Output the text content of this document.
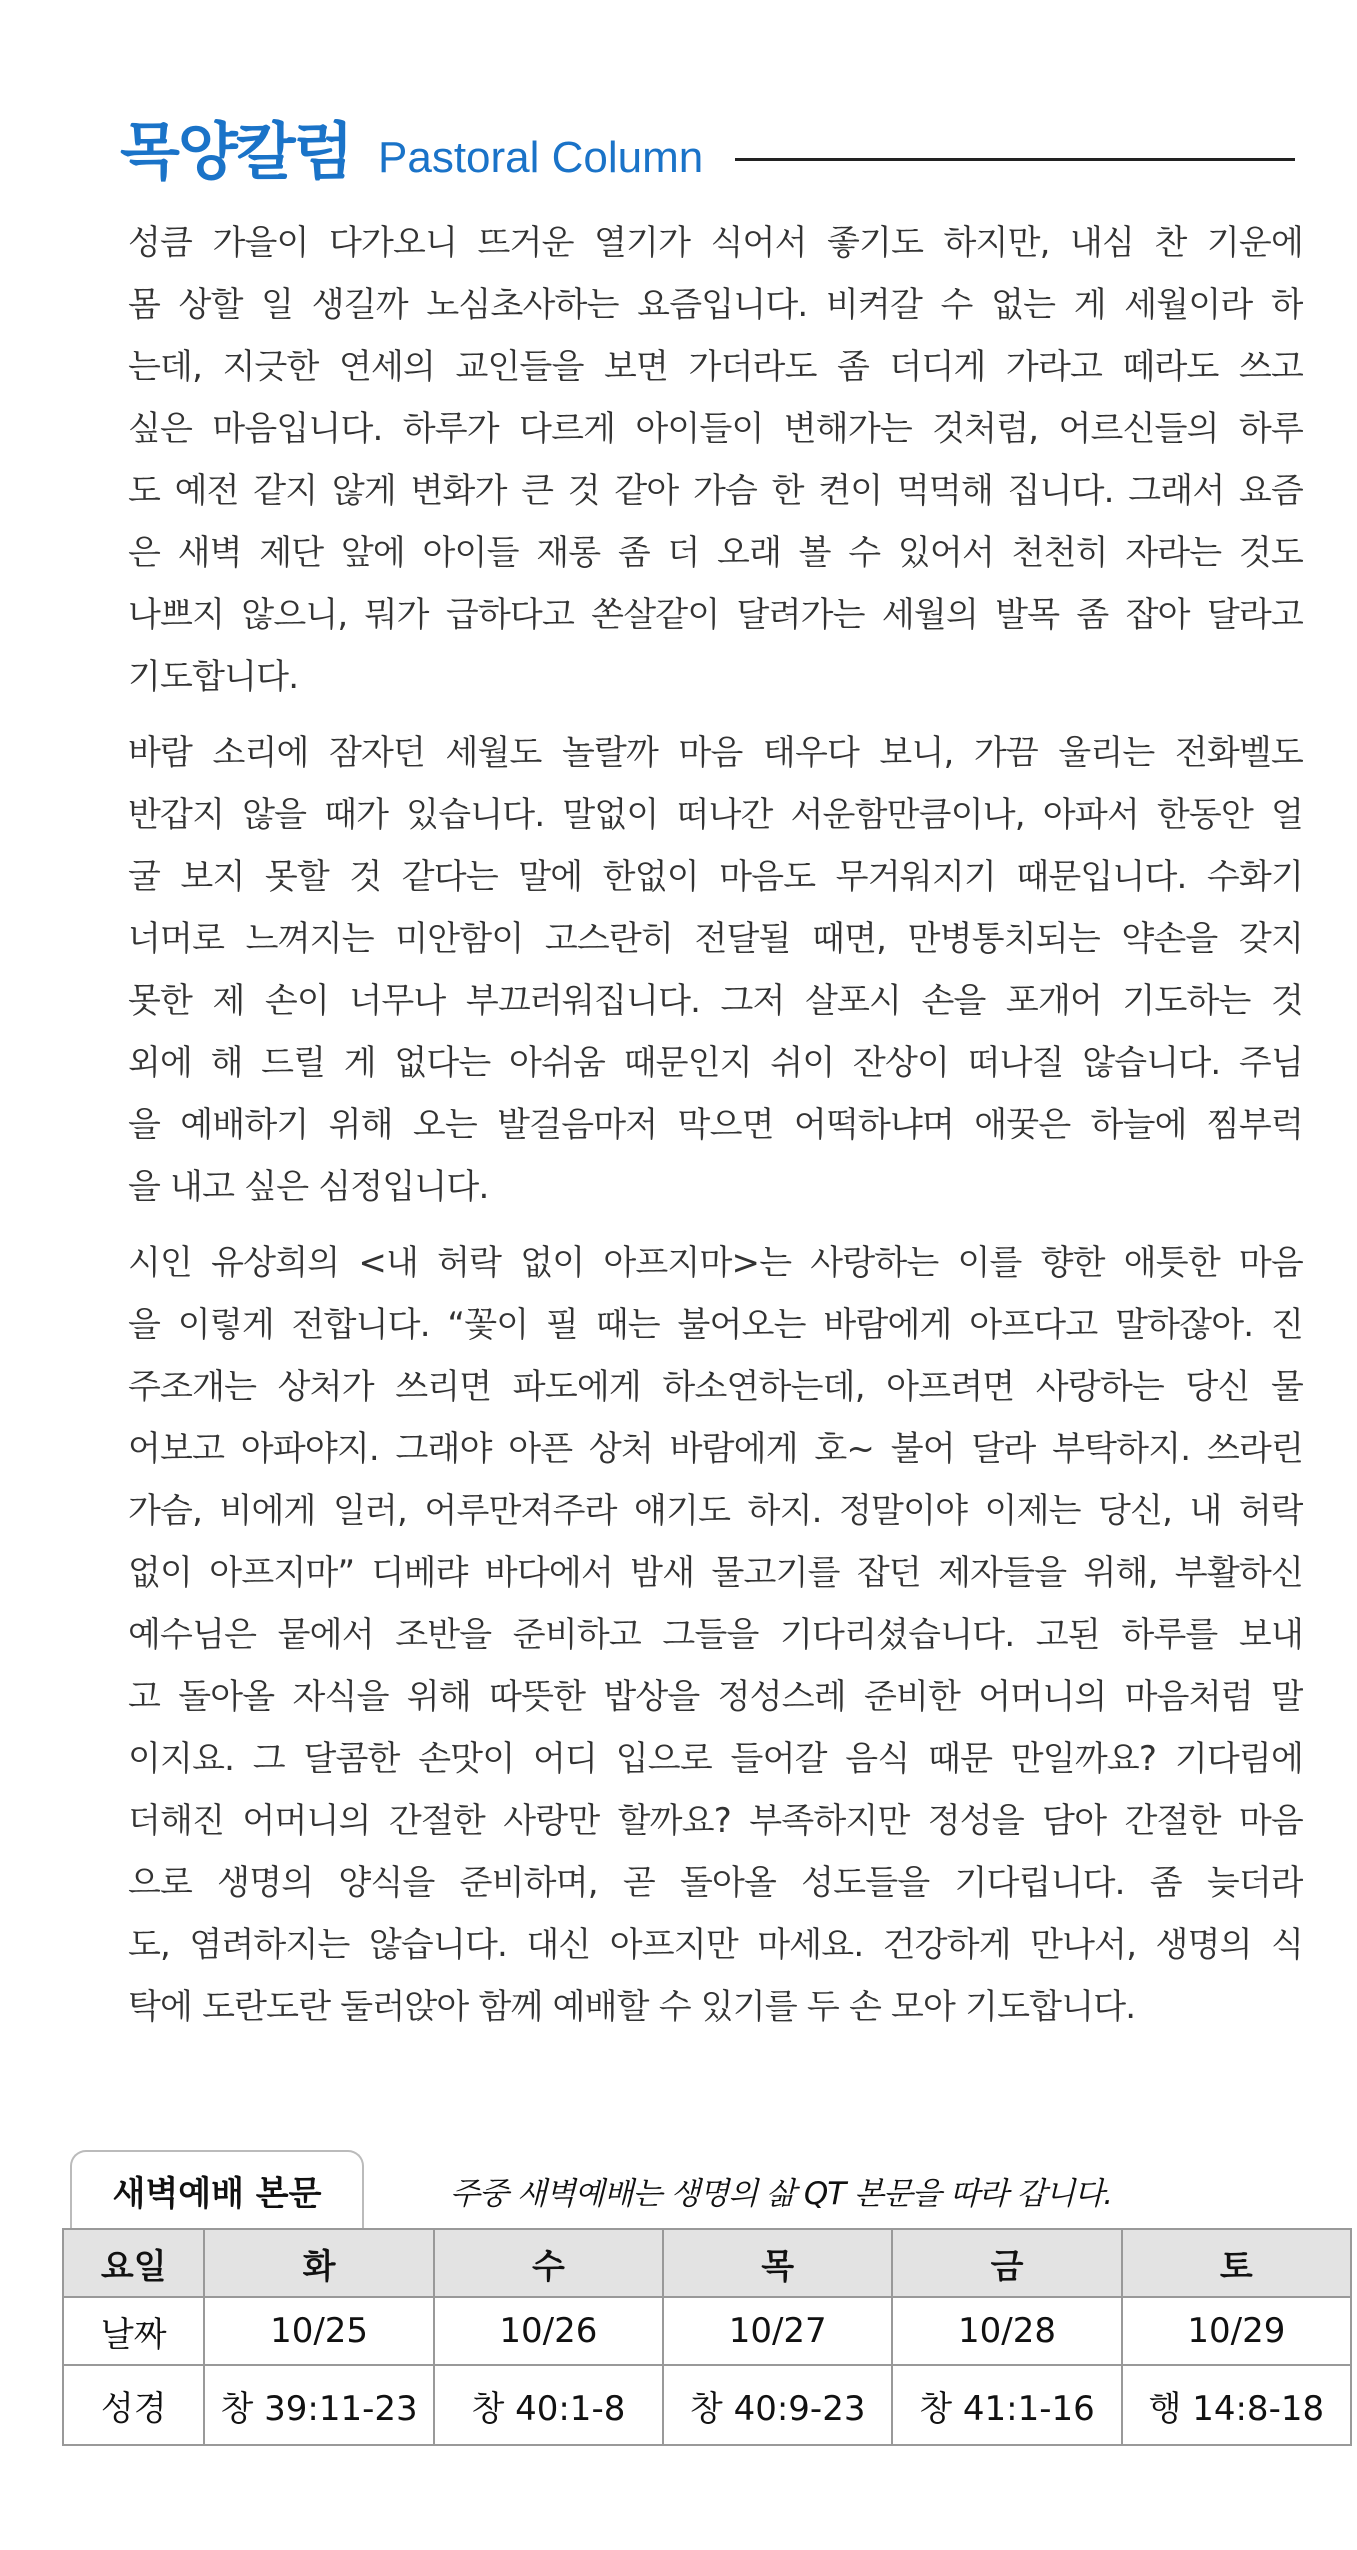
목양칼럼 Pastoral Column
성큼 가을이 다가오니 뜨거운 열기가 식어서 좋기도 하지만, 내심 찬 기운에
몸 상할 일 생길까 노심초사하는 요즘입니다. 비켜갈 수 없는 게 세월이라 하
는데, 지긋한 연세의 교인들을 보면 가더라도 좀 더디게 가라고 떼라도 쓰고
싶은 마음입니다. 하루가 다르게 아이들이 변해가는 것처럼, 어르신들의 하루
도 예전 같지 않게 변화가 큰 것 같아 가슴 한 켠이 먹먹해 집니다. 그래서 요즘
은 새벽 제단 앞에 아이들 재롱 좀 더 오래 볼 수 있어서 천천히 자라는 것도
나쁘지 않으니, 뭐가 급하다고 쏜살같이 달려가는 세월의 발목 좀 잡아 달라고
기도합니다.
바람 소리에 잠자던 세월도 놀랄까 마음 태우다 보니, 가끔 울리는 전화벨도
반갑지 않을 때가 있습니다. 말없이 떠나간 서운함만큼이나, 아파서 한동안 얼
굴 보지 못할 것 같다는 말에 한없이 마음도 무거워지기 때문입니다. 수화기
너머로 느껴지는 미안함이 고스란히 전달될 때면, 만병통치되는 약손을 갖지
못한 제 손이 너무나 부끄러워집니다. 그저 살포시 손을 포개어 기도하는 것
외에 해 드릴 게 없다는 아쉬움 때문인지 쉬이 잔상이 떠나질 않습니다. 주님
을 예배하기 위해 오는 발걸음마저 막으면 어떡하냐며 애꿎은 하늘에 찜부럭
을 내고 싶은 심정입니다.
시인 유상희의 <내 허락 없이 아프지마>는 사랑하는 이를 향한 애틋한 마음
을 이렇게 전합니다. “꽃이 필 때는 불어오는 바람에게 아프다고 말하잖아. 진
주조개는 상처가 쓰리면 파도에게 하소연하는데, 아프려면 사랑하는 당신 물
어보고 아파야지. 그래야 아픈 상처 바람에게 호~ 불어 달라 부탁하지. 쓰라린
가슴, 비에게 일러, 어루만져주라 얘기도 하지. 정말이야 이제는 당신, 내 허락
없이 아프지마” 디베랴 바다에서 밤새 물고기를 잡던 제자들을 위해, 부활하신
예수님은 뭍에서 조반을 준비하고 그들을 기다리셨습니다. 고된 하루를 보내
고 돌아올 자식을 위해 따뜻한 밥상을 정성스레 준비한 어머니의 마음처럼 말
이지요. 그 달콤한 손맛이 어디 입으로 들어갈 음식 때문 만일까요? 기다림에
더해진 어머니의 간절한 사랑만 할까요? 부족하지만 정성을 담아 간절한 마음
으로 생명의 양식을 준비하며, 곧 돌아올 성도들을 기다립니다. 좀 늦더라
도, 염려하지는 않습니다. 대신 아프지만 마세요. 건강하게 만나서, 생명의 식
탁에 도란도란 둘러앉아 함께 예배할 수 있기를 두 손 모아 기도합니다.
새벽예배 본문	주중 새벽예배는 생명의 삶 QT 본문을 따라 갑니다.
요일	화	수	목	금	토
날짜	10/25	10/26	10/27	10/28	10/29
성경	창 39:11-23	창 40:1-8	창 40:9-23	창 41:1-16	행 14:8-18
